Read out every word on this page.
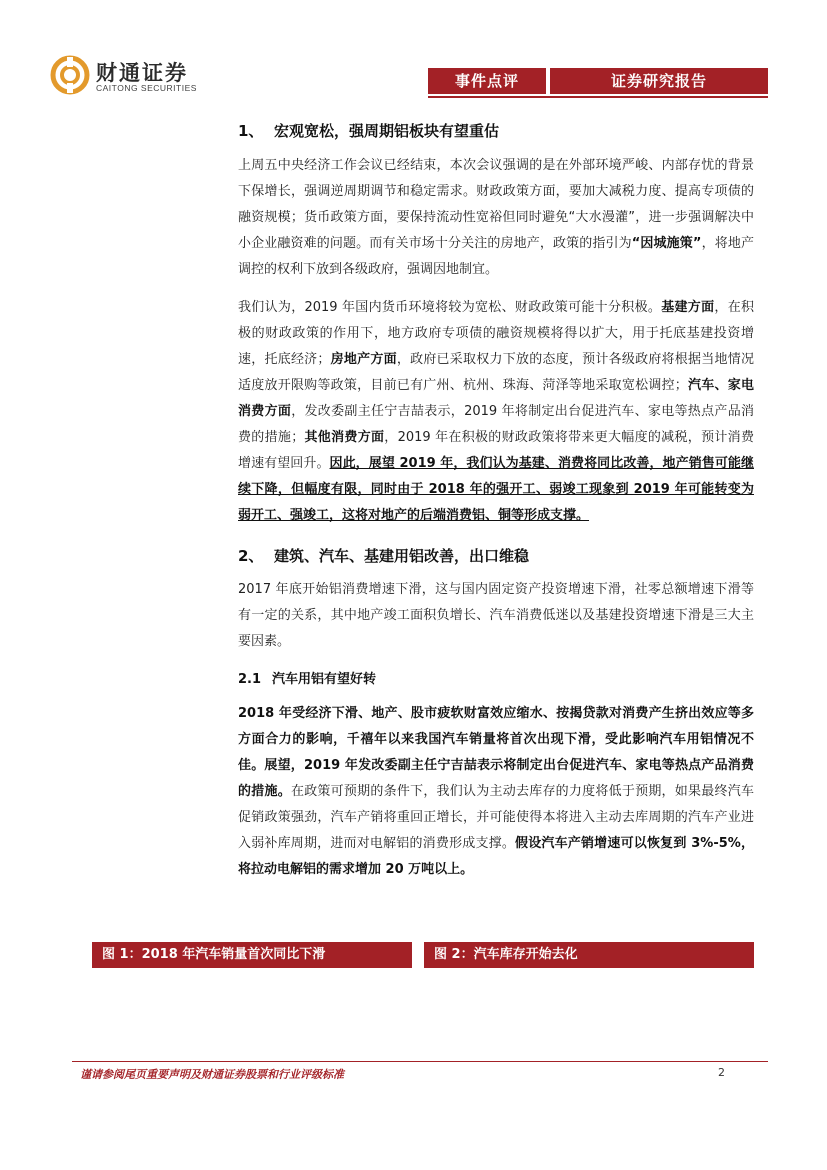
财通证券
CAITONG SECURITIES	事件点评	证券研究报告
1、 宏观宽松，强周期铝板块有望重估

上周五中央经济工作会议已经结束，本次会议强调的是在外部环境严峻、内部存忧的背景下保增长，强调逆周期调节和稳定需求。财政政策方面，要加大减税力度、提高专项债的融资规模；货币政策方面，要保持流动性宽裕但同时避免“大水漫灌”，进一步强调解决中小企业融资难的问题。而有关市场十分关注的房地产，政策的指引为“因城施策”，将地产调控的权利下放到各级政府，强调因地制宜。

我们认为，2019 年国内货币环境将较为宽松、财政政策可能十分积极。基建方面，在积极的财政政策的作用下，地方政府专项债的融资规模将得以扩大，用于托底基建投资增速，托底经济；房地产方面，政府已采取权力下放的态度，预计各级政府将根据当地情况适度放开限购等政策，目前已有广州、杭州、珠海、菏泽等地采取宽松调控；汽车、家电消费方面，发改委副主任宁吉喆表示，2019 年将制定出台促进汽车、家电等热点产品消费的措施；其他消费方面，2019 年在积极的财政政策将带来更大幅度的减税，预计消费增速有望回升。因此，展望 2019 年，我们认为基建、消费将同比改善，地产销售可能继续下降，但幅度有限，同时由于 2018 年的强开工、弱竣工现象到 2019 年可能转变为弱开工、强竣工，这将对地产的后端消费铝、铜等形成支撑。

2、 建筑、汽车、基建用铝改善，出口维稳

2017 年底开始铝消费增速下滑，这与国内固定资产投资增速下滑，社零总额增速下滑等有一定的关系，其中地产竣工面积负增长、汽车消费低迷以及基建投资增速下滑是三大主要因素。

2.1 汽车用铝有望好转

2018 年受经济下滑、地产、股市疲软财富效应缩水、按揭贷款对消费产生挤出效应等多方面合力的影响，千禧年以来我国汽车销量将首次出现下滑，受此影响汽车用铝情况不佳。展望，2019 年发改委副主任宁吉喆表示将制定出台促进汽车、家电等热点产品消费的措施。在政策可预期的条件下，我们认为主动去库存的力度将低于预期，如果最终汽车促销政策强劲，汽车产销将重回正增长，并可能使得本将进入主动去库周期的汽车产业进入弱补库周期，进而对电解铝的消费形成支撑。假设汽车产销增速可以恢复到 3%-5%，将拉动电解铝的需求增加 20 万吨以上。

图 1：2018 年汽车销量首次同比下滑	图 2：汽车库存开始去化
谨请参阅尾页重要声明及财通证券股票和行业评级标准	2
